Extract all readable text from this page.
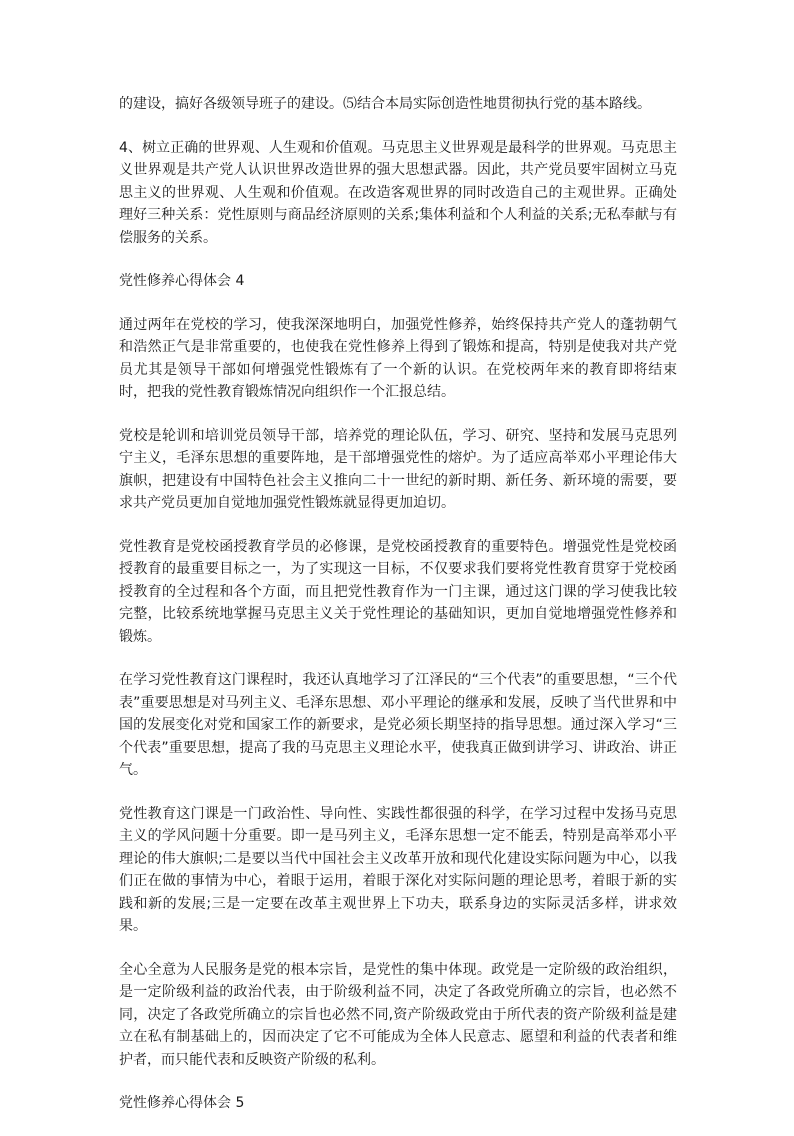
的建设，搞好各级领导班子的建设。⑸结合本局实际创造性地贯彻执行党的基本路线。

4、树立正确的世界观、人生观和价值观。马克思主义世界观是最科学的世界观。马克思主义世界观是共产党人认识世界改造世界的强大思想武器。因此，共产党员要牢固树立马克思主义的世界观、人生观和价值观。在改造客观世界的同时改造自己的主观世界。正确处理好三种关系：党性原则与商品经济原则的关系;集体利益和个人利益的关系;无私奉献与有偿服务的关系。

党性修养心得体会 4

通过两年在党校的学习，使我深深地明白，加强党性修养，始终保持共产党人的蓬勃朝气和浩然正气是非常重要的，也使我在党性修养上得到了锻炼和提高，特别是使我对共产党员尤其是领导干部如何增强党性锻炼有了一个新的认识。在党校两年来的教育即将结束时，把我的党性教育锻炼情况向组织作一个汇报总结。

党校是轮训和培训党员领导干部，培养党的理论队伍，学习、研究、坚持和发展马克思列宁主义，毛泽东思想的重要阵地，是干部增强党性的熔炉。为了适应高举邓小平理论伟大旗帜，把建设有中国特色社会主义推向二十一世纪的新时期、新任务、新环境的需要，要求共产党员更加自觉地加强党性锻炼就显得更加迫切。

党性教育是党校函授教育学员的必修课，是党校函授教育的重要特色。增强党性是党校函授教育的最重要目标之一，为了实现这一目标，不仅要求我们要将党性教育贯穿于党校函授教育的全过程和各个方面，而且把党性教育作为一门主课，通过这门课的学习使我比较完整，比较系统地掌握马克思主义关于党性理论的基础知识，更加自觉地增强党性修养和锻炼。

在学习党性教育这门课程时，我还认真地学习了江泽民的“三个代表”的重要思想，“三个代表”重要思想是对马列主义、毛泽东思想、邓小平理论的继承和发展，反映了当代世界和中国的发展变化对党和国家工作的新要求，是党必须长期坚持的指导思想。通过深入学习“三个代表”重要思想，提高了我的马克思主义理论水平，使我真正做到讲学习、讲政治、讲正气。

党性教育这门课是一门政治性、导向性、实践性都很强的科学，在学习过程中发扬马克思主义的学风问题十分重要。即一是马列主义，毛泽东思想一定不能丢，特别是高举邓小平理论的伟大旗帜;二是要以当代中国社会主义改革开放和现代化建设实际问题为中心，以我们正在做的事情为中心，着眼于运用，着眼于深化对实际问题的理论思考，着眼于新的实践和新的发展;三是一定要在改革主观世界上下功夫，联系身边的实际灵活多样，讲求效果。

全心全意为人民服务是党的根本宗旨，是党性的集中体现。政党是一定阶级的政治组织，是一定阶级利益的政治代表，由于阶级利益不同，决定了各政党所确立的宗旨，也必然不同，决定了各政党所确立的宗旨也必然不同,资产阶级政党由于所代表的资产阶级利益是建立在私有制基础上的，因而决定了它不可能成为全体人民意志、愿望和利益的代表者和维护者，而只能代表和反映资产阶级的私利。

党性修养心得体会 5
